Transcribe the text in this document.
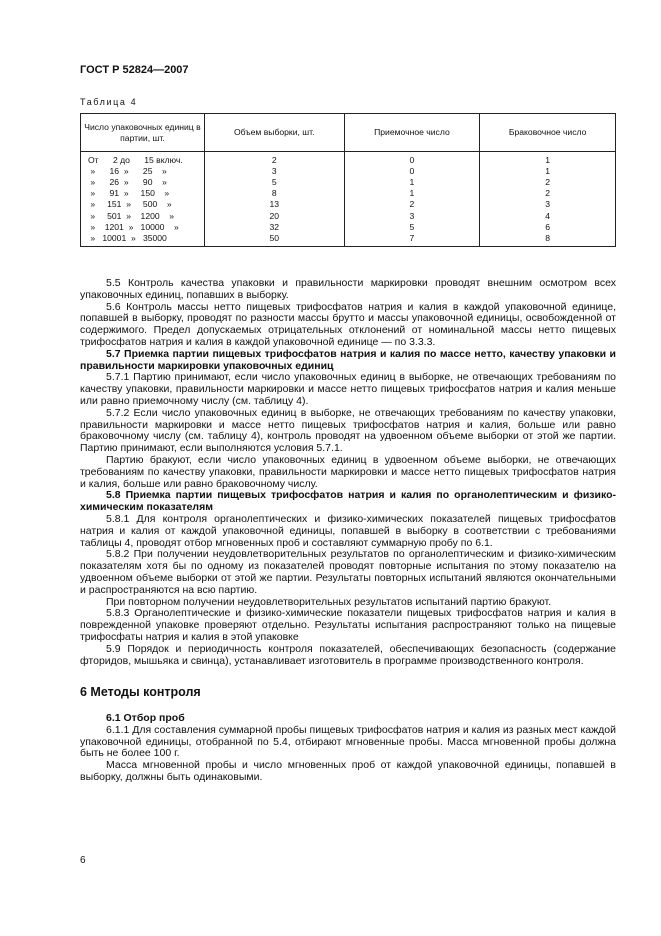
ГОСТ Р 52824—2007
Таблица 4
Число упаковочных единиц в партии, шт.	Объем выборки, шт.	Приемочное число	Браковочное число
От      2 до      15 включ.	2	0	1
»      16  »      25    »	3	0	1
»      26  »      90    »	5	1	2
»      91  »     150    »	8	1	2
»     151  »     500    »	13	2	3
»     501  »    1200    »	20	3	4
»    1201  »   10000    »	32	5	6
»   10001  »   35000	50	7	8

5.5 Контроль качества упаковки и правильности маркировки проводят внешним осмотром всех упаковочных единиц, попавших в выборку.

5.6 Контроль массы нетто пищевых трифосфатов натрия и калия в каждой упаковочной единице, попавшей в выборку, проводят по разности массы брутто и массы упаковочной единицы, освобожденной от содержимого. Предел допускаемых отрицательных отклонений от номинальной массы нетто пищевых трифосфатов натрия и калия в каждой упаковочной единице — по 3.3.3.

5.7 Приемка партии пищевых трифосфатов натрия и калия по массе нетто, качеству упаковки и правильности маркировки упаковочных единиц

5.7.1 Партию принимают, если число упаковочных единиц в выборке, не отвечающих требованиям по качеству упаковки, правильности маркировки и массе нетто пищевых трифосфатов натрия и калия меньше или равно приемочному числу (см. таблицу 4).

5.7.2 Если число упаковочных единиц в выборке, не отвечающих требованиям по качеству упаковки, правильности маркировки и массе нетто пищевых трифосфатов натрия и калия, больше или равно браковочному числу (см. таблицу 4), контроль проводят на удвоенном объеме выборки от этой же партии. Партию принимают, если выполняются условия 5.7.1.

Партию бракуют, если число упаковочных единиц в удвоенном объеме выборки, не отвечающих требованиям по качеству упаковки, правильности маркировки и массе нетто пищевых трифосфатов натрия и калия, больше или равно браковочному числу.

5.8 Приемка партии пищевых трифосфатов натрия и калия по органолептическим и физико-химическим показателям

5.8.1 Для контроля органолептических и физико-химических показателей пищевых трифосфатов натрия и калия от каждой упаковочной единицы, попавшей в выборку в соответствии с требованиями таблицы 4, проводят отбор мгновенных проб и составляют суммарную пробу по 6.1.

5.8.2 При получении неудовлетворительных результатов по органолептическим и физико-химическим показателям хотя бы по одному из показателей проводят повторные испытания по этому показателю на удвоенном объеме выборки от этой же партии. Результаты повторных испытаний являются окончательными и распространяются на всю партию.

При повторном получении неудовлетворительных результатов испытаний партию бракуют.

5.8.3 Органолептические и физико-химические показатели пищевых трифосфатов натрия и калия в поврежденной упаковке проверяют отдельно. Результаты испытания распространяют только на пищевые трифосфаты натрия и калия в этой упаковке

5.9 Порядок и периодичность контроля показателей, обеспечивающих безопасность (содержание фторидов, мышьяка и свинца), устанавливает изготовитель в программе производственного контроля.

6 Методы контроля

6.1 Отбор проб

6.1.1 Для составления суммарной пробы пищевых трифосфатов натрия и калия из разных мест каждой упаковочной единицы, отобранной по 5.4, отбирают мгновенные пробы. Масса мгновенной пробы должна быть не более 100 г.

Масса мгновенной пробы и число мгновенных проб от каждой упаковочной единицы, попавшей в выборку, должны быть одинаковыми.

6
